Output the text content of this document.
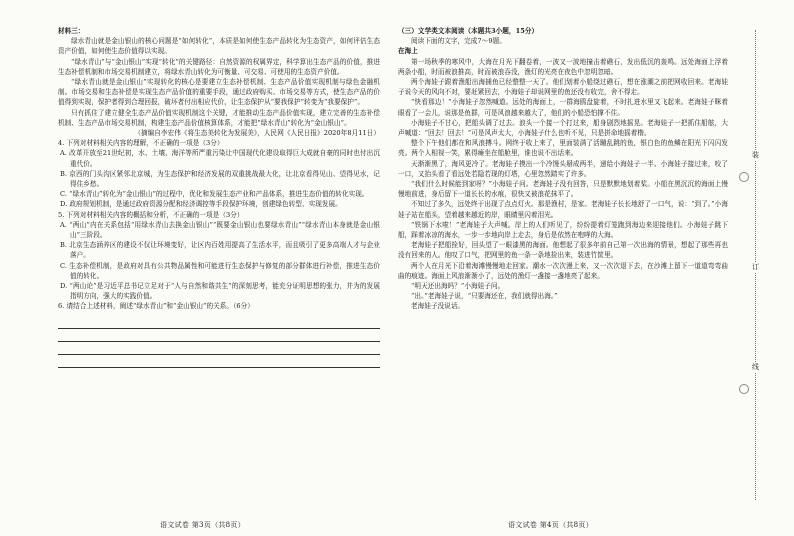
材料三：

绿水青山就是金山银山的核心问题是“如何转化”，本质是如何使生态产品转化为生态资产，如何评估生态资产价值，如何使生态价值得以实现。

“绿水青山”与“金山银山”实现“转化”的关键路径：自然资源的权属界定，科学算出生态产品的价值，推进生态补偿机制和市场交易机制建立，将绿水青山转化为可衡量、可交易、可使用的生态资产价值。

“绿水青山就是金山银山”实现转化的核心是要建立生态补偿机制、生态产品价值实现机制与绿色金融机制。市场交易和生态补偿是实现生态产品价值的重要手段，通过政府购买、市场交易等方式，使生态产品的价值得到实现，保护者得到合理回报，破坏者付出相应代价，让生态保护从“要我保护”转变为“我要保护”。

只有抓住了建立健全生态产品价值实现机制这个关键，才能推动生态产品价值实现，建立完善的生态补偿机制、生态产品市场交易机制，构建生态产品价值核算体系，才能把“绿水青山”转化为“金山银山”。

（摘编自李宏伟《将生态美转化为发展美》，人民网《人民日报》2020年8月11日）

4. 下列对材料相关内容的理解，不正确的一项是（3分）

A. 改革开放至21世纪初，水、土壤、海洋等所严重污染让中国现代化建设取得巨大成就自豪的同时也付出沉重代价。

B. 京西的门头沟区紧邻北京城，为生态保护和经济发展的双重挑战最大化，让北京看得见山、望得见水，记得住乡愁。

C. “绿水青山”转化为“金山银山”的过程中，优化和发展生态产业和产品体系，推进生态价值的转化实现。

D. 政府规划机制，是通过政府资源分配和经济调控等手段保护环境，创建绿色转型、实现发展。

5. 下列对材料相关内容的概括和分析，不正确的一项是（3分）

A. “两山”内在关系包括“用绿水青山去换金山银山”“既要金山银山也要绿水青山”“绿水青山本身就是金山银山”三阶段。

B. 北京生态涵养区的建设不仅让环境变好，让区内百姓用提高了生活水平，而且吸引了更多高端人才与企业落户。

C. 生态补偿机制，是政府对具有公共物品属性和可能进行生态保护与修复的部分群体进行补偿，推进生态价值的转化。

D. “两山论”是习近平总书记立足对于“人与自然和谐共生”的深刻思考，能充分证明思想的张力，并为的发展指明方向，强大的实践价值。

6. 请结合上述材料，阐述“绿水青山”和“金山银山”的关系。（6分）

（三）文学类文本阅读（本题共3小题，15分）

阅读下面的文字，完成7～9题。

在海上

第一场秋季的寒风中，大海在月光下翻卷着，一波又一波地撞击着礁石，发出低沉的轰鸣。远处海面上浮着两条小船，时而被浪推高，时而被浪吞没，渔灯的光亮在夜色中忽明忽暗。

两个海娃子跟着渔船出海捕鱼已经整整一天了。他们划着小船绕过礁石，想在涨潮之前把网收回来。老海娃子说今天的风向不对，要赶紧回去，小海娃子却说网里的鱼还没有收完，舍不得走。

“快看那边！”小海娃子忽然喊道。远处的海面上，一群海鸥盘旋着，不时扎进水里又飞起来。老海娃子眯着眼看了一会儿，说那是鱼群，可是风浪越来越大了，他们的小船恐怕撑不住。

小海娃子不甘心，把船头调了过去。浪头一个接一个打过来，船身剧烈地摇晃。老海娃子一把抓住船舷，大声喊道：“回去！回去！”可是风声太大，小海娃子什么也听不见，只是拼命地摇着橹。

整个下午他们都在和风浪搏斗。网终于收上来了，里面装满了活蹦乱跳的鱼，银白色的鱼鳞在阳光下闪闪发亮。两个人相视一笑，累得瘫坐在船舱里，谁也说不出话来。

天渐渐黑了，海风更冷了。老海娃子摸出一个冷馒头掰成两半，递给小海娃子一半。小海娃子接过来，咬了一口，又抬头看了看远处若隐若现的灯塔，心里忽然踏实了许多。

“我们什么时候能到家呀？”小海娃子问。老海娃子没有回答，只是默默地划着桨。小船在黑沉沉的海面上慢慢地前进，身后留下一道长长的水痕，很快又被浪花抹平了。

不知过了多久，远处终于出现了点点灯火。那是渔村，是家。老海娃子长长地舒了一口气，说：“到了。”小海娃子站在船头，望着越来越近的岸，眼睛里闪着泪光。

“铁锅下水啦！”老海娃子大声喊。岸上的人们听见了，纷纷提着灯笼跑到海边来迎接他们。小海娃子跳下船，踩着冰凉的海水，一步一步地向岸上走去，身后是依然在咆哮的大海。

老海娃子把船拴好，回头望了一眼漆黑的海面。他想起了很多年前自己第一次出海的情景，想起了那些再也没有回来的人。他叹了口气，把网里的鱼一条一条地捡出来，装进竹筐里。

两个人在月光下沿着海滩慢慢地走回家。潮水一次次漫上来，又一次次退下去，在沙滩上留下一道道弯弯曲曲的痕迹。海面上风浪渐渐小了，远处的渔灯一盏接一盏地亮了起来。

“明天还出海吗？”小海娃子问。

“出。”老海娃子说，“只要海还在，我们就得出海。”

老海娃子没说话。

语文试卷 第3页（共8页）	语文试卷 第4页（共8页）
装
订
线
